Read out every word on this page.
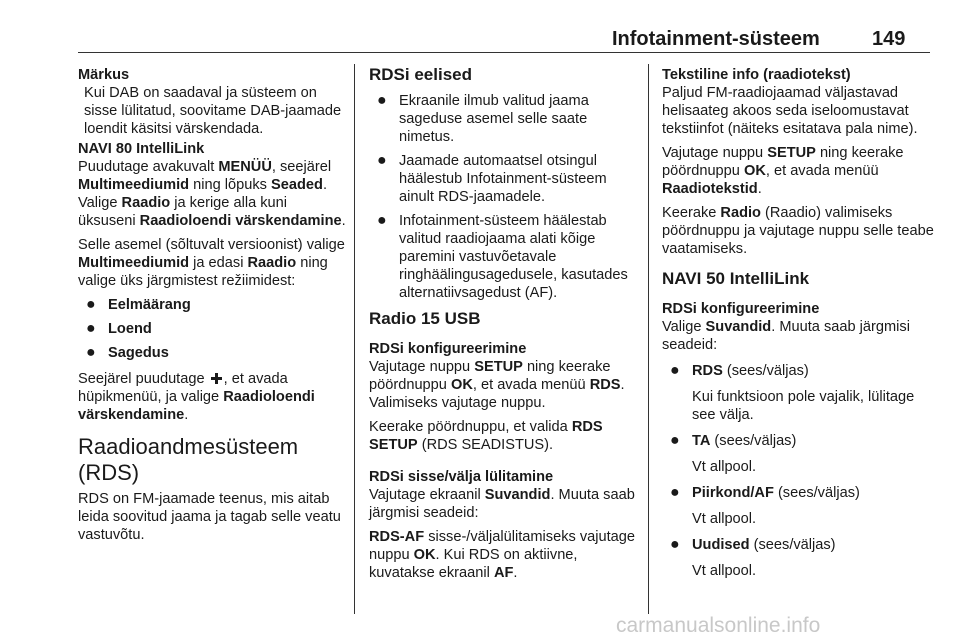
Infotainment-süsteem	149
Märkus

Kui DAB on saadaval ja süsteem on sisse lülitatud, soovitame DAB-jaamade loendit käsitsi värskendada.

NAVI 80 IntelliLink

Puudutage avakuvalt MENÜÜ, seejärel Multimeediumid ning lõpuks Seaded. Valige Raadio ja kerige alla kuni üksuseni Raadioloendi värskendamine.

Selle asemel (sõltuvalt versioonist) valige Multimeediumid ja edasi Raadio ning valige üks järgmistest režiimidest:

● Eelmäärang
● Loend
● Sagedus

Seejärel puudutage , et avada hüpikmenüü, ja valige Raadioloendi värskendamine.

Raadioandmesüsteem (RDS)

RDS on FM-jaamade teenus, mis aitab leida soovitud jaama ja tagab selle veatu vastuvõtu.

RDSi eelised
● Ekraanile ilmub valitud jaama sageduse asemel selle saate nimetus.
● Jaamade automaatsel otsingul häälestub Infotainment-süsteem ainult RDS-jaamadele.
● Infotainment-süsteem häälestab valitud raadiojaama alati kõige paremini vastuvõetavale ringhäälingusagedusele, kasutades alternatiivsagedust (AF).
Radio 15 USB
RDSi konfigureerimine

Vajutage nuppu SETUP ning keerake pöördnuppu OK, et avada menüü RDS. Valimiseks vajutage nuppu.

Keerake pöördnuppu, et valida RDS SETUP (RDS SEADISTUS).

RDSi sisse/välja lülitamine

Vajutage ekraanil Suvandid. Muuta saab järgmisi seadeid:

RDS-AF sisse-/väljalülitamiseks vajutage nuppu OK. Kui RDS on aktiivne, kuvatakse ekraanil AF.

Tekstiline info (raadiotekst)

Paljud FM-raadiojaamad väljastavad helisaateg akoos seda iseloomustavat tekstiinfot (näiteks esitatava pala nime).

Vajutage nuppu SETUP ning keerake pöördnuppu OK, et avada menüü Raadiotekstid.

Keerake Radio (Raadio) valimiseks pöördnuppu ja vajutage nuppu selle teabe vaatamiseks.

NAVI 50 IntelliLink
RDSi konfigureerimine

Valige Suvandid. Muuta saab järgmisi seadeid:

● RDS (sees/väljas)

Kui funktsioon pole vajalik, lülitage see välja.

● TA (sees/väljas)

Vt allpool.

● Piirkond/AF (sees/väljas)

Vt allpool.

● Uudised (sees/väljas)

Vt allpool.

carmanualsonline.info
